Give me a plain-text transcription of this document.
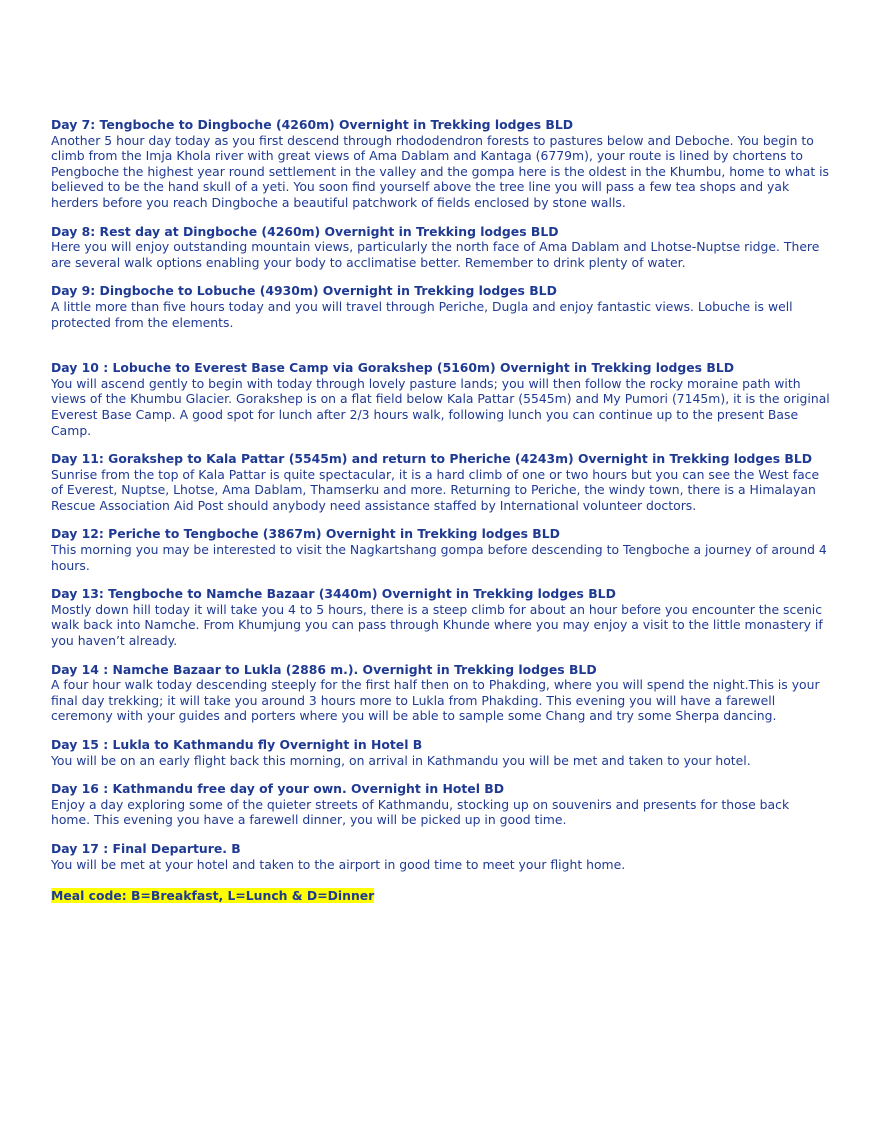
Day 7: Tengboche to Dingboche (4260m) Overnight in Trekking lodges BLD

Another 5 hour day today as you first descend through rhododendron forests to pastures below and Deboche. You begin to climb from the Imja Khola river with great views of Ama Dablam and Kantaga (6779m), your route is lined by chortens to Pengboche the highest year round settlement in the valley and the gompa here is the oldest in the Khumbu, home to what is believed to be the hand skull of a yeti. You soon find yourself above the tree line you will pass a few tea shops and yak herders before you reach Dingboche a beautiful patchwork of fields enclosed by stone walls.

Day 8: Rest day at Dingboche (4260m) Overnight in Trekking lodges BLD

Here you will enjoy outstanding mountain views, particularly the north face of Ama Dablam and Lhotse-Nuptse ridge. There are several walk options enabling your body to acclimatise better. Remember to drink plenty of water.

Day 9: Dingboche to Lobuche (4930m) Overnight in Trekking lodges BLD

A little more than five hours today and you will travel through Periche, Dugla and enjoy fantastic views. Lobuche is well protected from the elements.

Day 10 : Lobuche to Everest Base Camp via Gorakshep (5160m) Overnight in Trekking lodges BLD

You will ascend gently to begin with today through lovely pasture lands; you will then follow the rocky moraine path with views of the Khumbu Glacier. Gorakshep is on a flat field below Kala Pattar (5545m) and My Pumori (7145m), it is the original Everest Base Camp. A good spot for lunch after 2/3 hours walk, following lunch you can continue up to the present Base Camp.

Day 11: Gorakshep to Kala Pattar (5545m) and return to Pheriche (4243m) Overnight in Trekking lodges BLD

Sunrise from the top of Kala Pattar is quite spectacular, it is a hard climb of one or two hours but you can see the West face of Everest, Nuptse, Lhotse, Ama Dablam, Thamserku and more. Returning to Periche, the windy town, there is a Himalayan Rescue Association Aid Post should anybody need assistance staffed by International volunteer doctors.

Day 12: Periche to Tengboche (3867m) Overnight in Trekking lodges BLD

This morning you may be interested to visit the Nagkartshang gompa before descending to Tengboche a journey of around 4 hours.

Day 13: Tengboche to Namche Bazaar (3440m) Overnight in Trekking lodges BLD

Mostly down hill today it will take you 4 to 5 hours, there is a steep climb for about an hour before you encounter the scenic walk back into Namche. From Khumjung you can pass through Khunde where you may enjoy a visit to the little monastery if you haven’t already.

Day 14 : Namche Bazaar to Lukla (2886 m.). Overnight in Trekking lodges BLD

A four hour walk today descending steeply for the first half then on to Phakding, where you will spend the night.This is your final day trekking; it will take you around 3 hours more to Lukla from Phakding. This evening you will have a farewell ceremony with your guides and porters where you will be able to sample some Chang and try some Sherpa dancing.

Day 15 : Lukla to Kathmandu fly Overnight in Hotel B

You will be on an early flight back this morning, on arrival in Kathmandu you will be met and taken to your hotel.

Day 16 : Kathmandu free day of your own. Overnight in Hotel BD

Enjoy a day exploring some of the quieter streets of Kathmandu, stocking up on souvenirs and presents for those back home. This evening you have a farewell dinner, you will be picked up in good time.

Day 17 : Final Departure. B

You will be met at your hotel and taken to the airport in good time to meet your flight home.

Meal code: B=Breakfast, L=Lunch & D=Dinner
